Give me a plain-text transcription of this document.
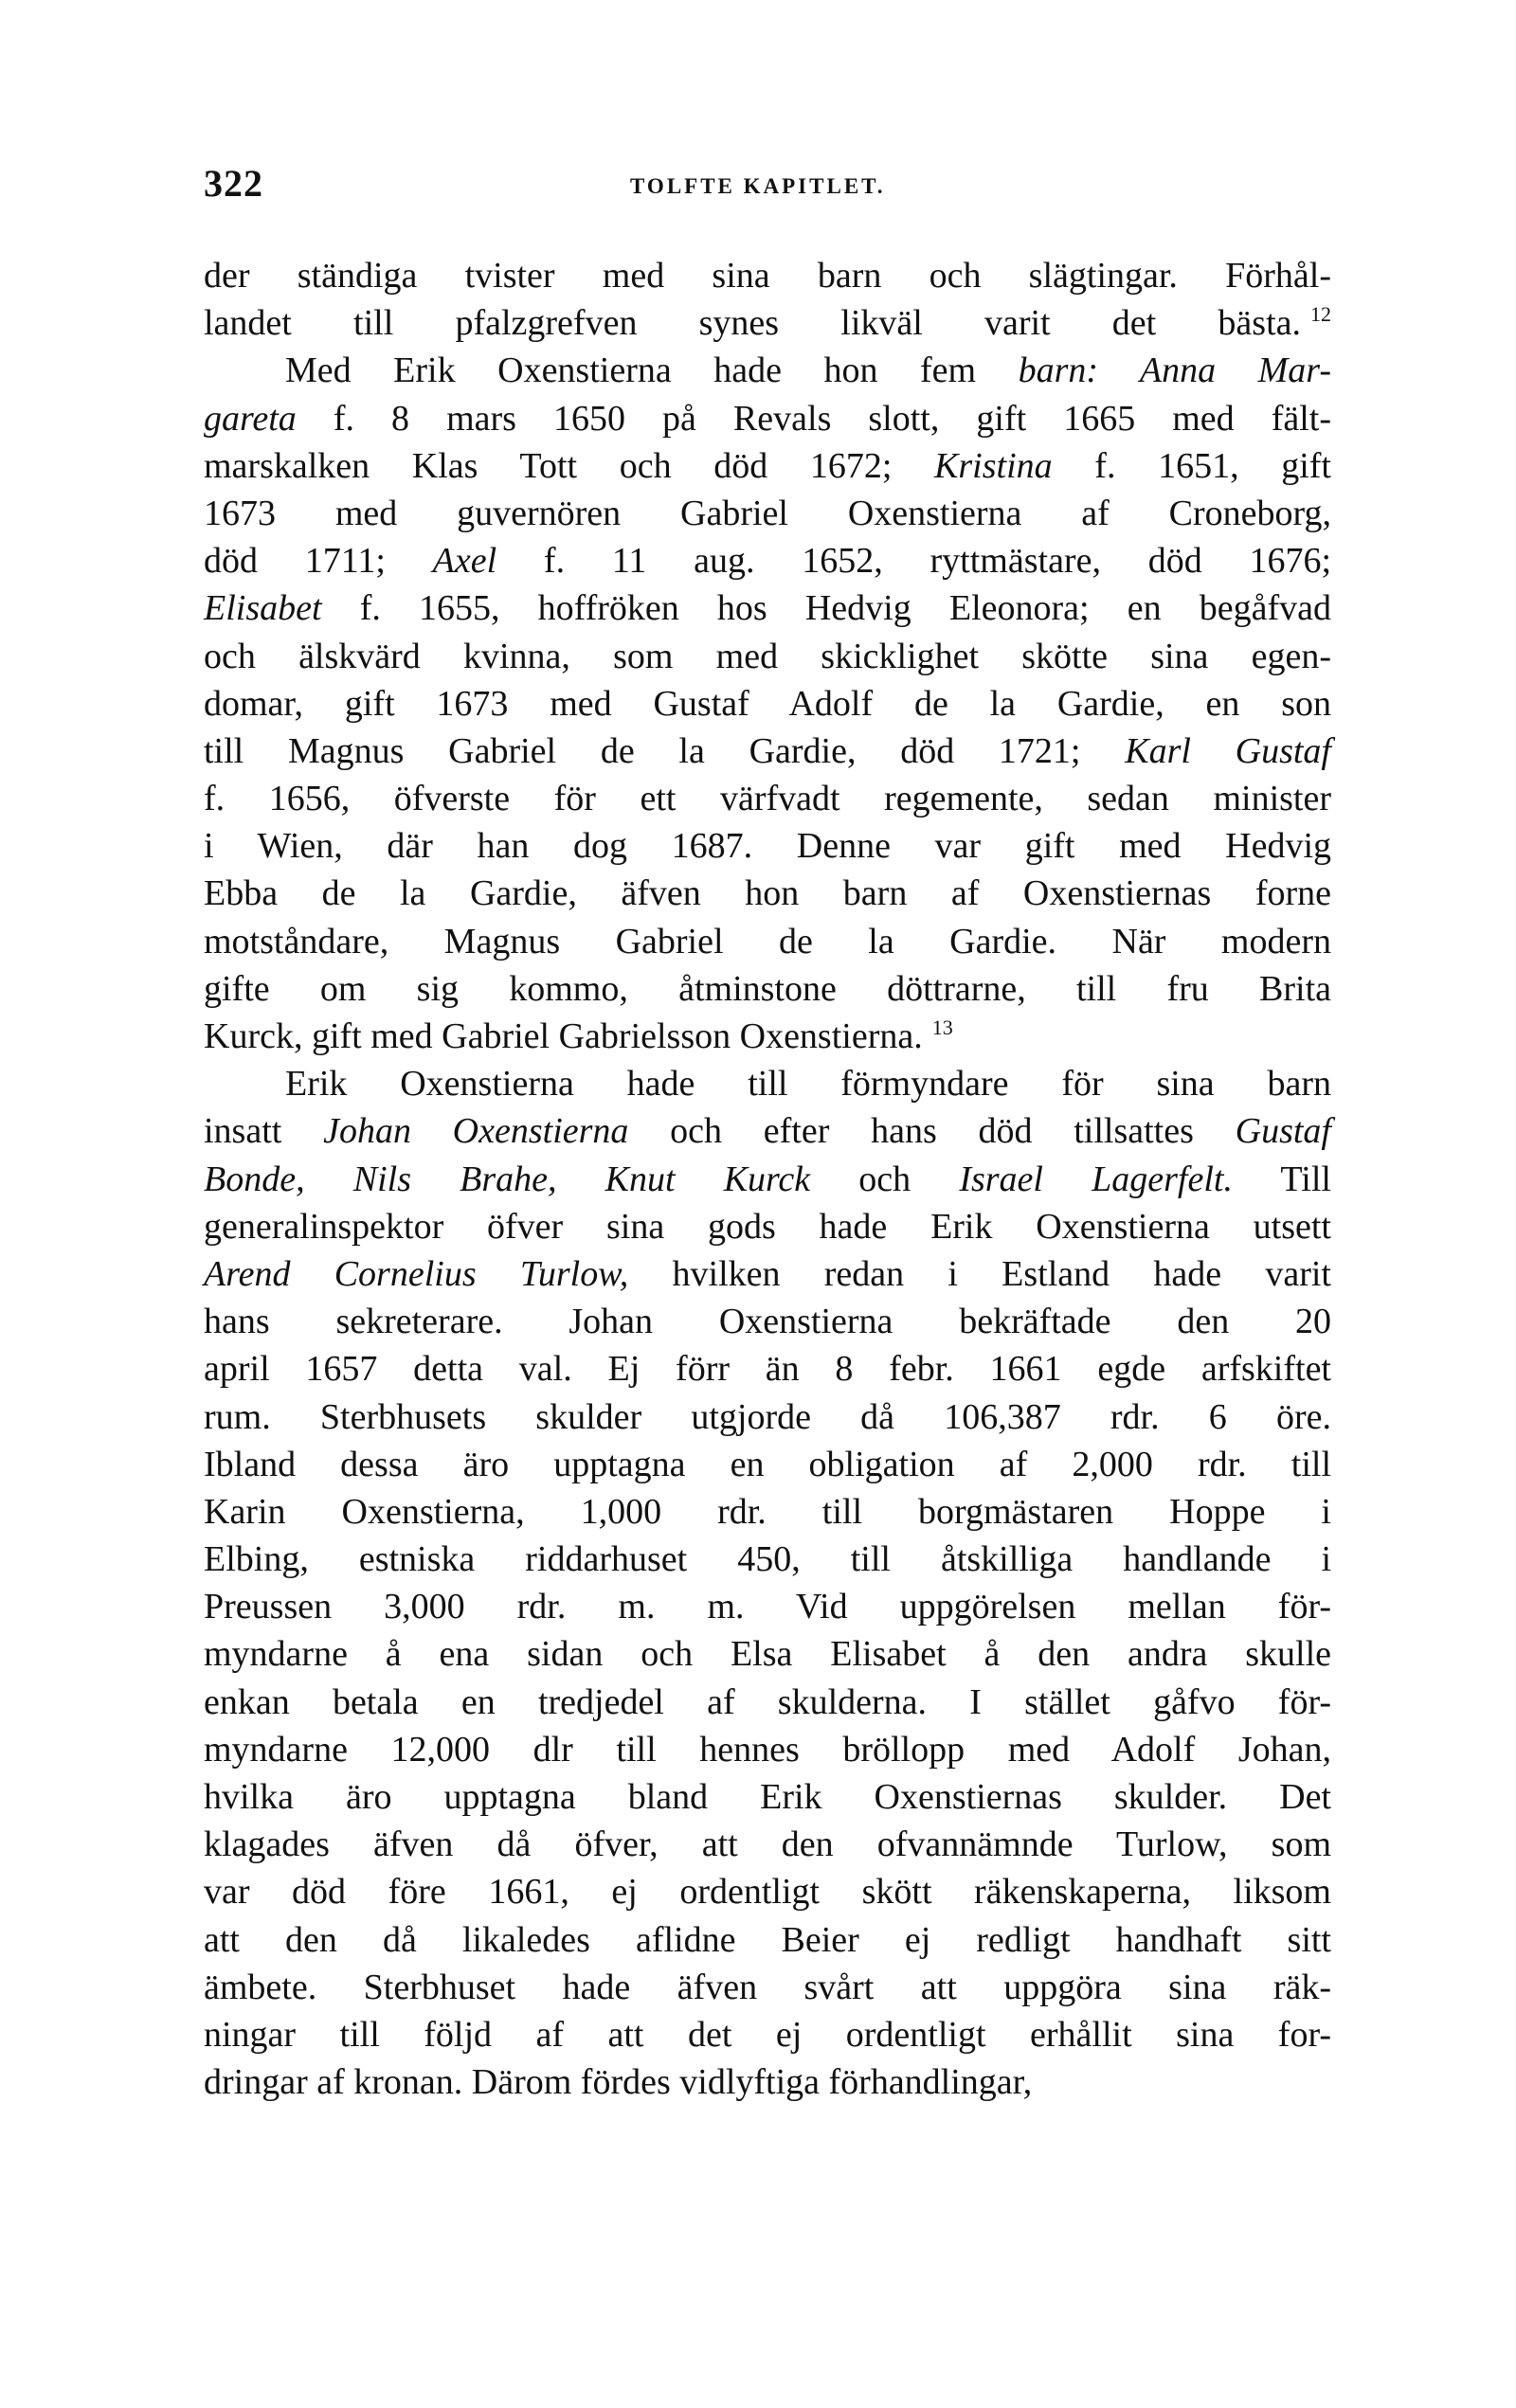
322	TOLFTE KAPITLET.
der ständiga tvister med sina barn och slägtingar. Förhål-
landet till pfalzgrefven synes likväl varit det bästa. $^{12}$
Med Erik Oxenstierna hade hon fem barn: Anna Mar-
gareta f. 8 mars 1650 på Revals slott, gift 1665 med fält-
marskalken Klas Tott och död 1672; Kristina f. 1651, gift
1673 med guvernören Gabriel Oxenstierna af Croneborg,
död 1711; Axel f. 11 aug. 1652, ryttmästare, död 1676;
Elisabet f. 1655, hoffröken hos Hedvig Eleonora; en begåfvad
och älskvärd kvinna, som med skicklighet skötte sina egen-
domar, gift 1673 med Gustaf Adolf de la Gardie, en son
till Magnus Gabriel de la Gardie, död 1721; Karl Gustaf
f. 1656, öfverste för ett värfvadt regemente, sedan minister
i Wien, där han dog 1687. Denne var gift med Hedvig
Ebba de la Gardie, äfven hon barn af Oxenstiernas forne
motståndare, Magnus Gabriel de la Gardie. När modern
gifte om sig kommo, åtminstone döttrarne, till fru Brita
Kurck, gift med Gabriel Gabrielsson Oxenstierna. $^{13}$
Erik Oxenstierna hade till förmyndare för sina barn
insatt Johan Oxenstierna och efter hans död tillsattes Gustaf
Bonde, Nils Brahe, Knut Kurck och Israel Lagerfelt. Till
generalinspektor öfver sina gods hade Erik Oxenstierna utsett
Arend Cornelius Turlow, hvilken redan i Estland hade varit
hans sekreterare. Johan Oxenstierna bekräftade den 20
april 1657 detta val. Ej förr än 8 febr. 1661 egde arfskiftet
rum. Sterbhusets skulder utgjorde då 106,387 rdr. 6 öre.
Ibland dessa äro upptagna en obligation af 2,000 rdr. till
Karin Oxenstierna, 1,000 rdr. till borgmästaren Hoppe i
Elbing, estniska riddarhuset 450, till åtskilliga handlande i
Preussen 3,000 rdr. m. m. Vid uppgörelsen mellan för-
myndarne å ena sidan och Elsa Elisabet å den andra skulle
enkan betala en tredjedel af skulderna. I stället gåfvo för-
myndarne 12,000 dlr till hennes bröllopp med Adolf Johan,
hvilka äro upptagna bland Erik Oxenstiernas skulder. Det
klagades äfven då öfver, att den ofvannämnde Turlow, som
var död före 1661, ej ordentligt skött räkenskaperna, liksom
att den då likaledes aflidne Beier ej redligt handhaft sitt
ämbete. Sterbhuset hade äfven svårt att uppgöra sina räk-
ningar till följd af att det ej ordentligt erhållit sina for-
dringar af kronan. Därom fördes vidlyftiga förhandlingar,
